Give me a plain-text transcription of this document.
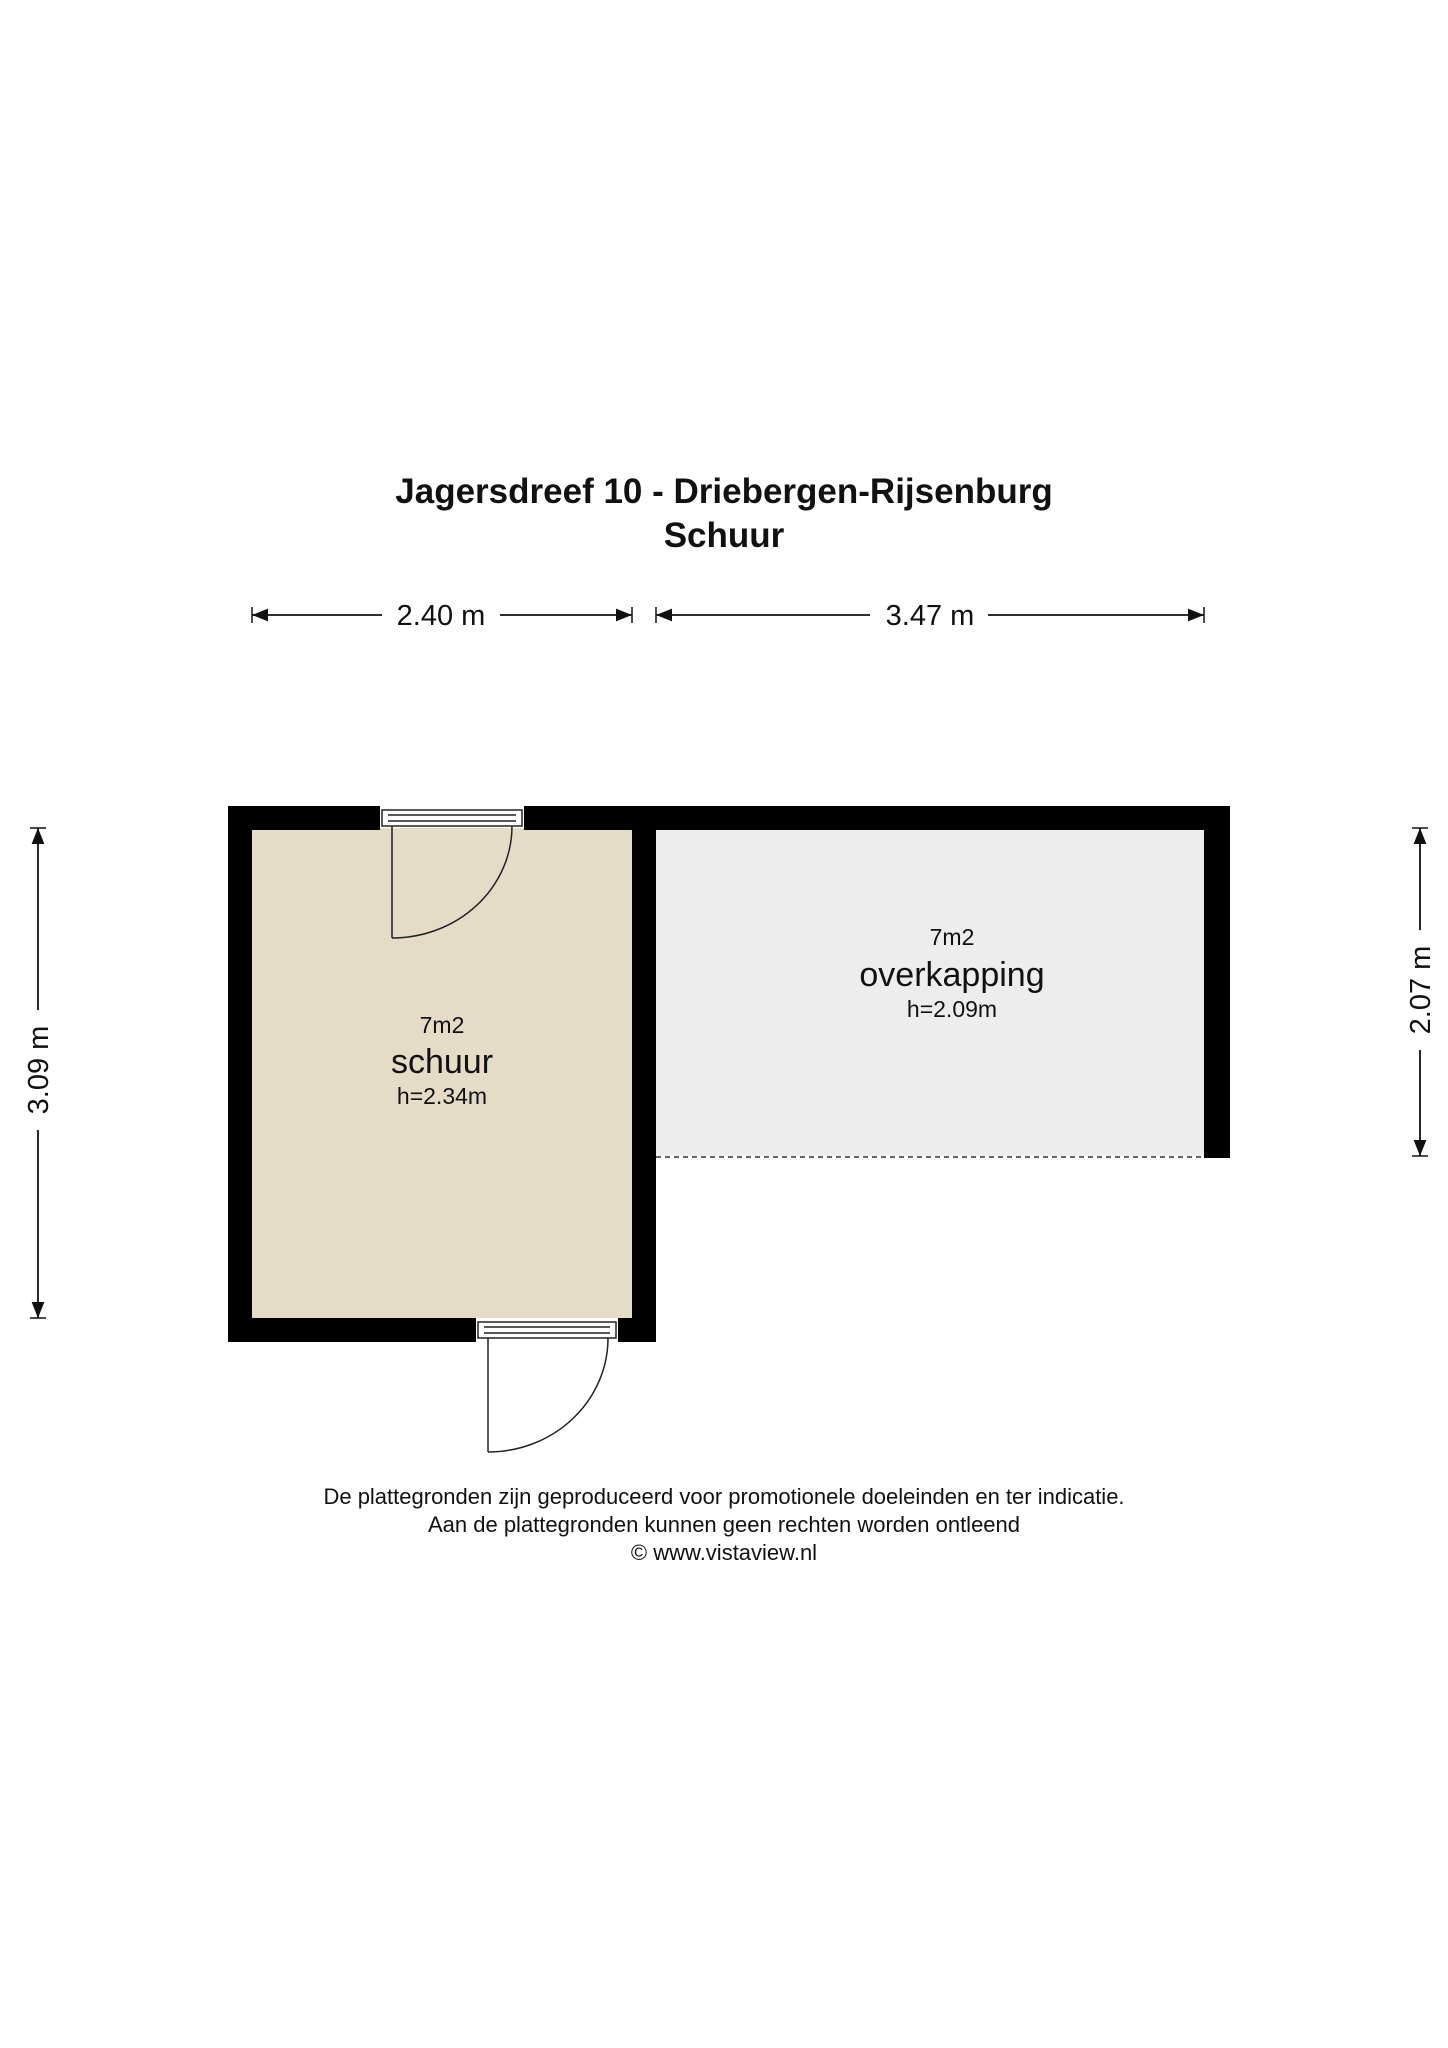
Jagersdreef 10 - Driebergen-Rijsenburg
Schuur
2.40 m	3.47 m
3.09 m
2.07 m
7m2
schuur
h=2.34m
7m2
overkapping
h=2.09m
De plattegronden zijn geproduceerd voor promotionele doeleinden en ter indicatie.
Aan de plattegronden kunnen geen rechten worden ontleend
© www.vistaview.nl
